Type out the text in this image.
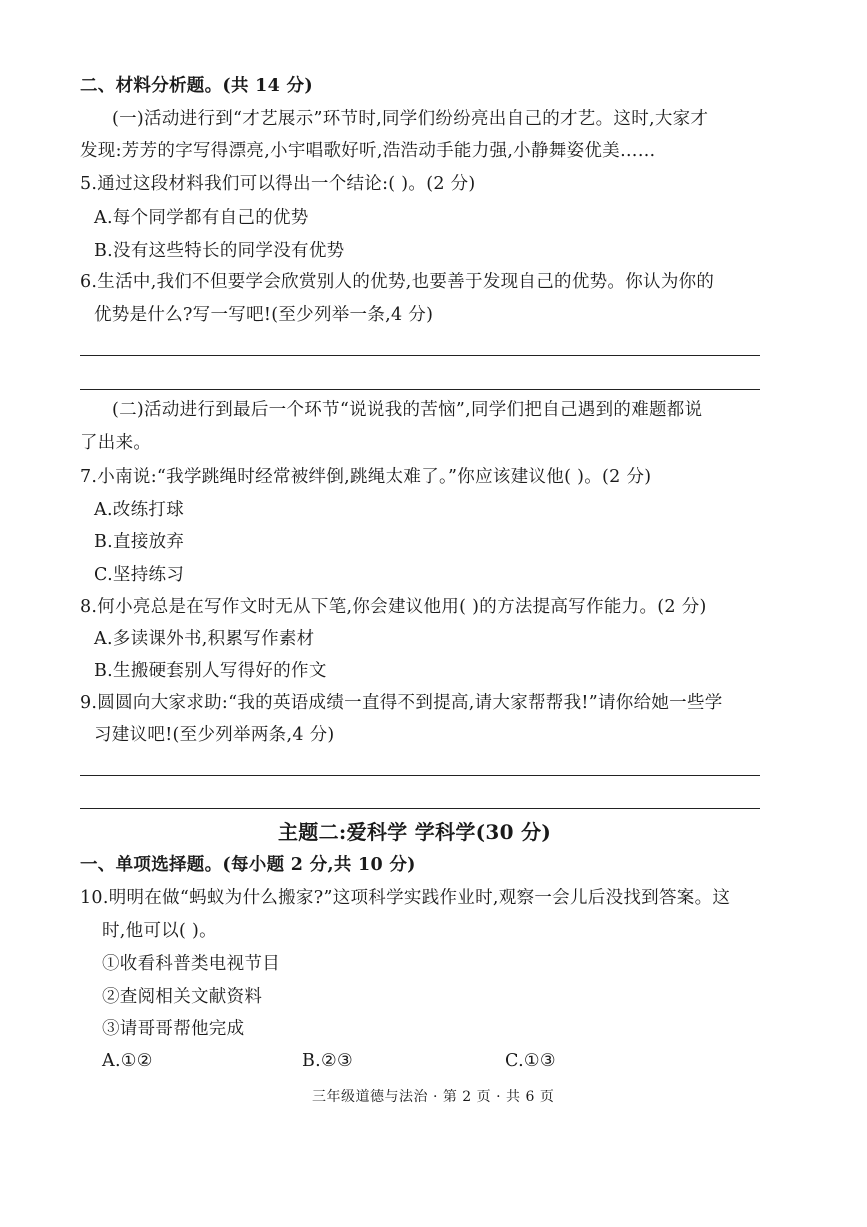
二、材料分析题。(共 14 分)
(一)活动进行到“才艺展示”环节时,同学们纷纷亮出自己的才艺。这时,大家才
发现:芳芳的字写得漂亮,小宇唱歌好听,浩浩动手能力强,小静舞姿优美……
5.通过这段材料我们可以得出一个结论:( )。(2 分)
A.每个同学都有自己的优势
B.没有这些特长的同学没有优势
6.生活中,我们不但要学会欣赏别人的优势,也要善于发现自己的优势。你认为你的
优势是什么?写一写吧!(至少列举一条,4 分)
(二)活动进行到最后一个环节“说说我的苦恼”,同学们把自己遇到的难题都说
了出来。
7.小南说:“我学跳绳时经常被绊倒,跳绳太难了。”你应该建议他( )。(2 分)
A.改练打球
B.直接放弃
C.坚持练习
8.何小亮总是在写作文时无从下笔,你会建议他用( )的方法提高写作能力。(2 分)
A.多读课外书,积累写作素材
B.生搬硬套别人写得好的作文
9.圆圆向大家求助:“我的英语成绩一直得不到提高,请大家帮帮我!”请你给她一些学
习建议吧!(至少列举两条,4 分)
主题二:爱科学 学科学(30 分)
一、单项选择题。(每小题 2 分,共 10 分)
10.明明在做“蚂蚁为什么搬家?”这项科学实践作业时,观察一会儿后没找到答案。这
时,他可以( )。
①收看科普类电视节目
②查阅相关文献资料
③请哥哥帮他完成
A.①②	B.②③	C.①③
三年级道德与法治 · 第 2 页 · 共 6 页
